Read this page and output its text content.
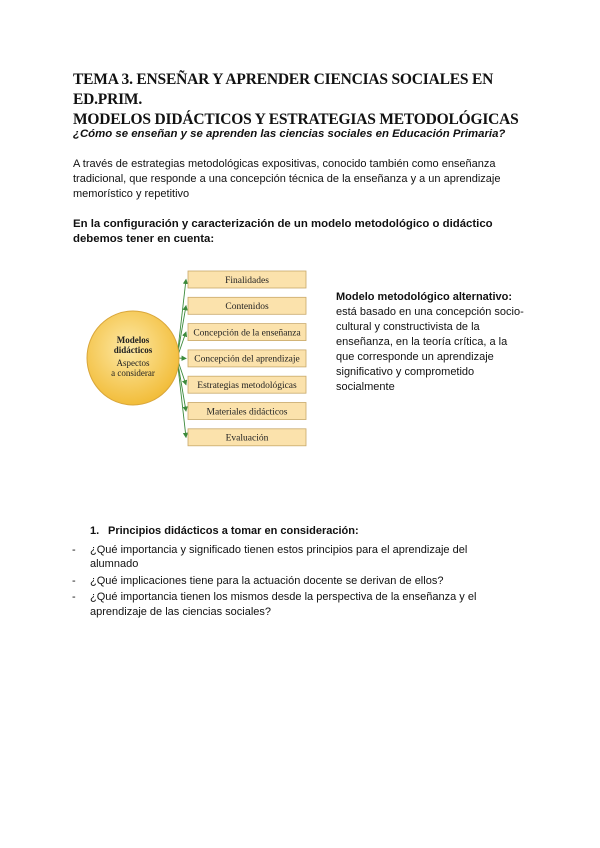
TEMA 3. ENSEÑAR Y APRENDER CIENCIAS SOCIALES EN ED.PRIM.
MODELOS DIDÁCTICOS Y ESTRATEGIAS METODOLÓGICAS
¿Cómo se enseñan y se aprenden las ciencias sociales en Educación Primaria?
A través de estrategias metodológicas expositivas, conocido también como enseñanza tradicional, que responde a una concepción técnica de la enseñanza y a un aprendizaje memorístico y repetitivo
En la configuración y caracterización de un modelo metodológico o didáctico debemos tener en cuenta:
Finalidades
Contenidos
Concepción de la enseñanza
Concepción del aprendizaje
Estrategias metodológicas
Materiales didácticos
Evaluación
Modelos
didácticos
Aspectos
a considerar
Modelo metodológico alternativo: está basado en una concepción socio-cultural y constructivista de la enseñanza, en la teoría crítica, a la que corresponde un aprendizaje significativo y comprometido socialmente
1. Principios didácticos a tomar en consideración:
- ¿Qué importancia y significado tienen estos principios para el aprendizaje del alumnado
- ¿Qué implicaciones tiene para la actuación docente se derivan de ellos?
- ¿Qué importancia tienen los mismos desde la perspectiva de la enseñanza y el aprendizaje de las ciencias sociales?
